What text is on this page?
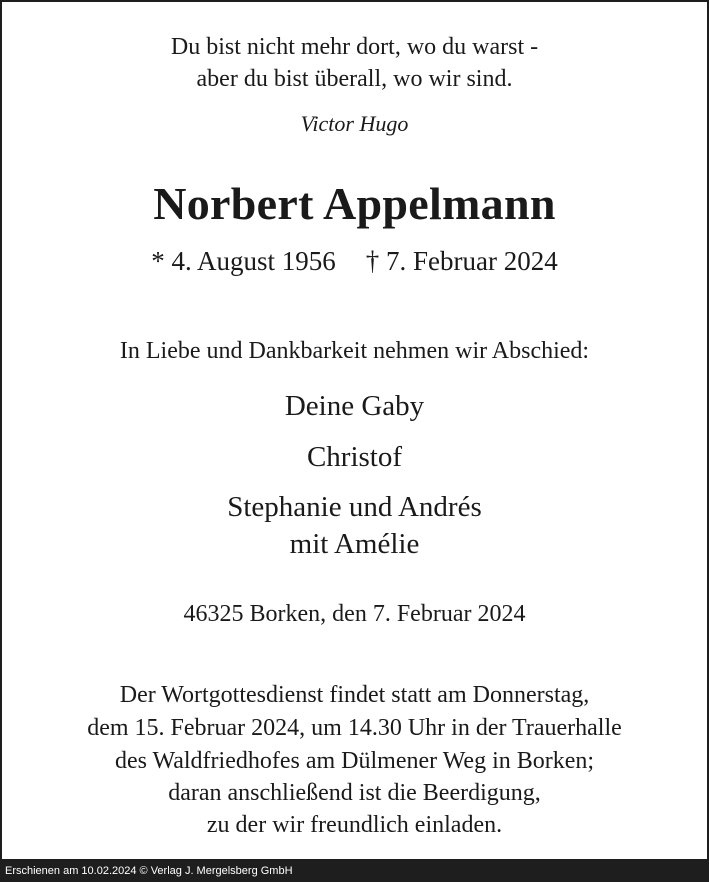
Du bist nicht mehr dort, wo du warst -
aber du bist überall, wo wir sind.
Victor Hugo
Norbert Appelmann
* 4. August 1956 † 7. Februar 2024
In Liebe und Dankbarkeit nehmen wir Abschied:
Deine Gaby
Christof
Stephanie und Andrés
mit Amélie
46325 Borken, den 7. Februar 2024
Der Wortgottesdienst findet statt am Donnerstag,
dem 15. Februar 2024, um 14.30 Uhr in der Trauerhalle
des Waldfriedhofes am Dülmener Weg in Borken;
daran anschließend ist die Beerdigung,
zu der wir freundlich einladen.
Erschienen am 10.02.2024 © Verlag J. Mergelsberg GmbH
